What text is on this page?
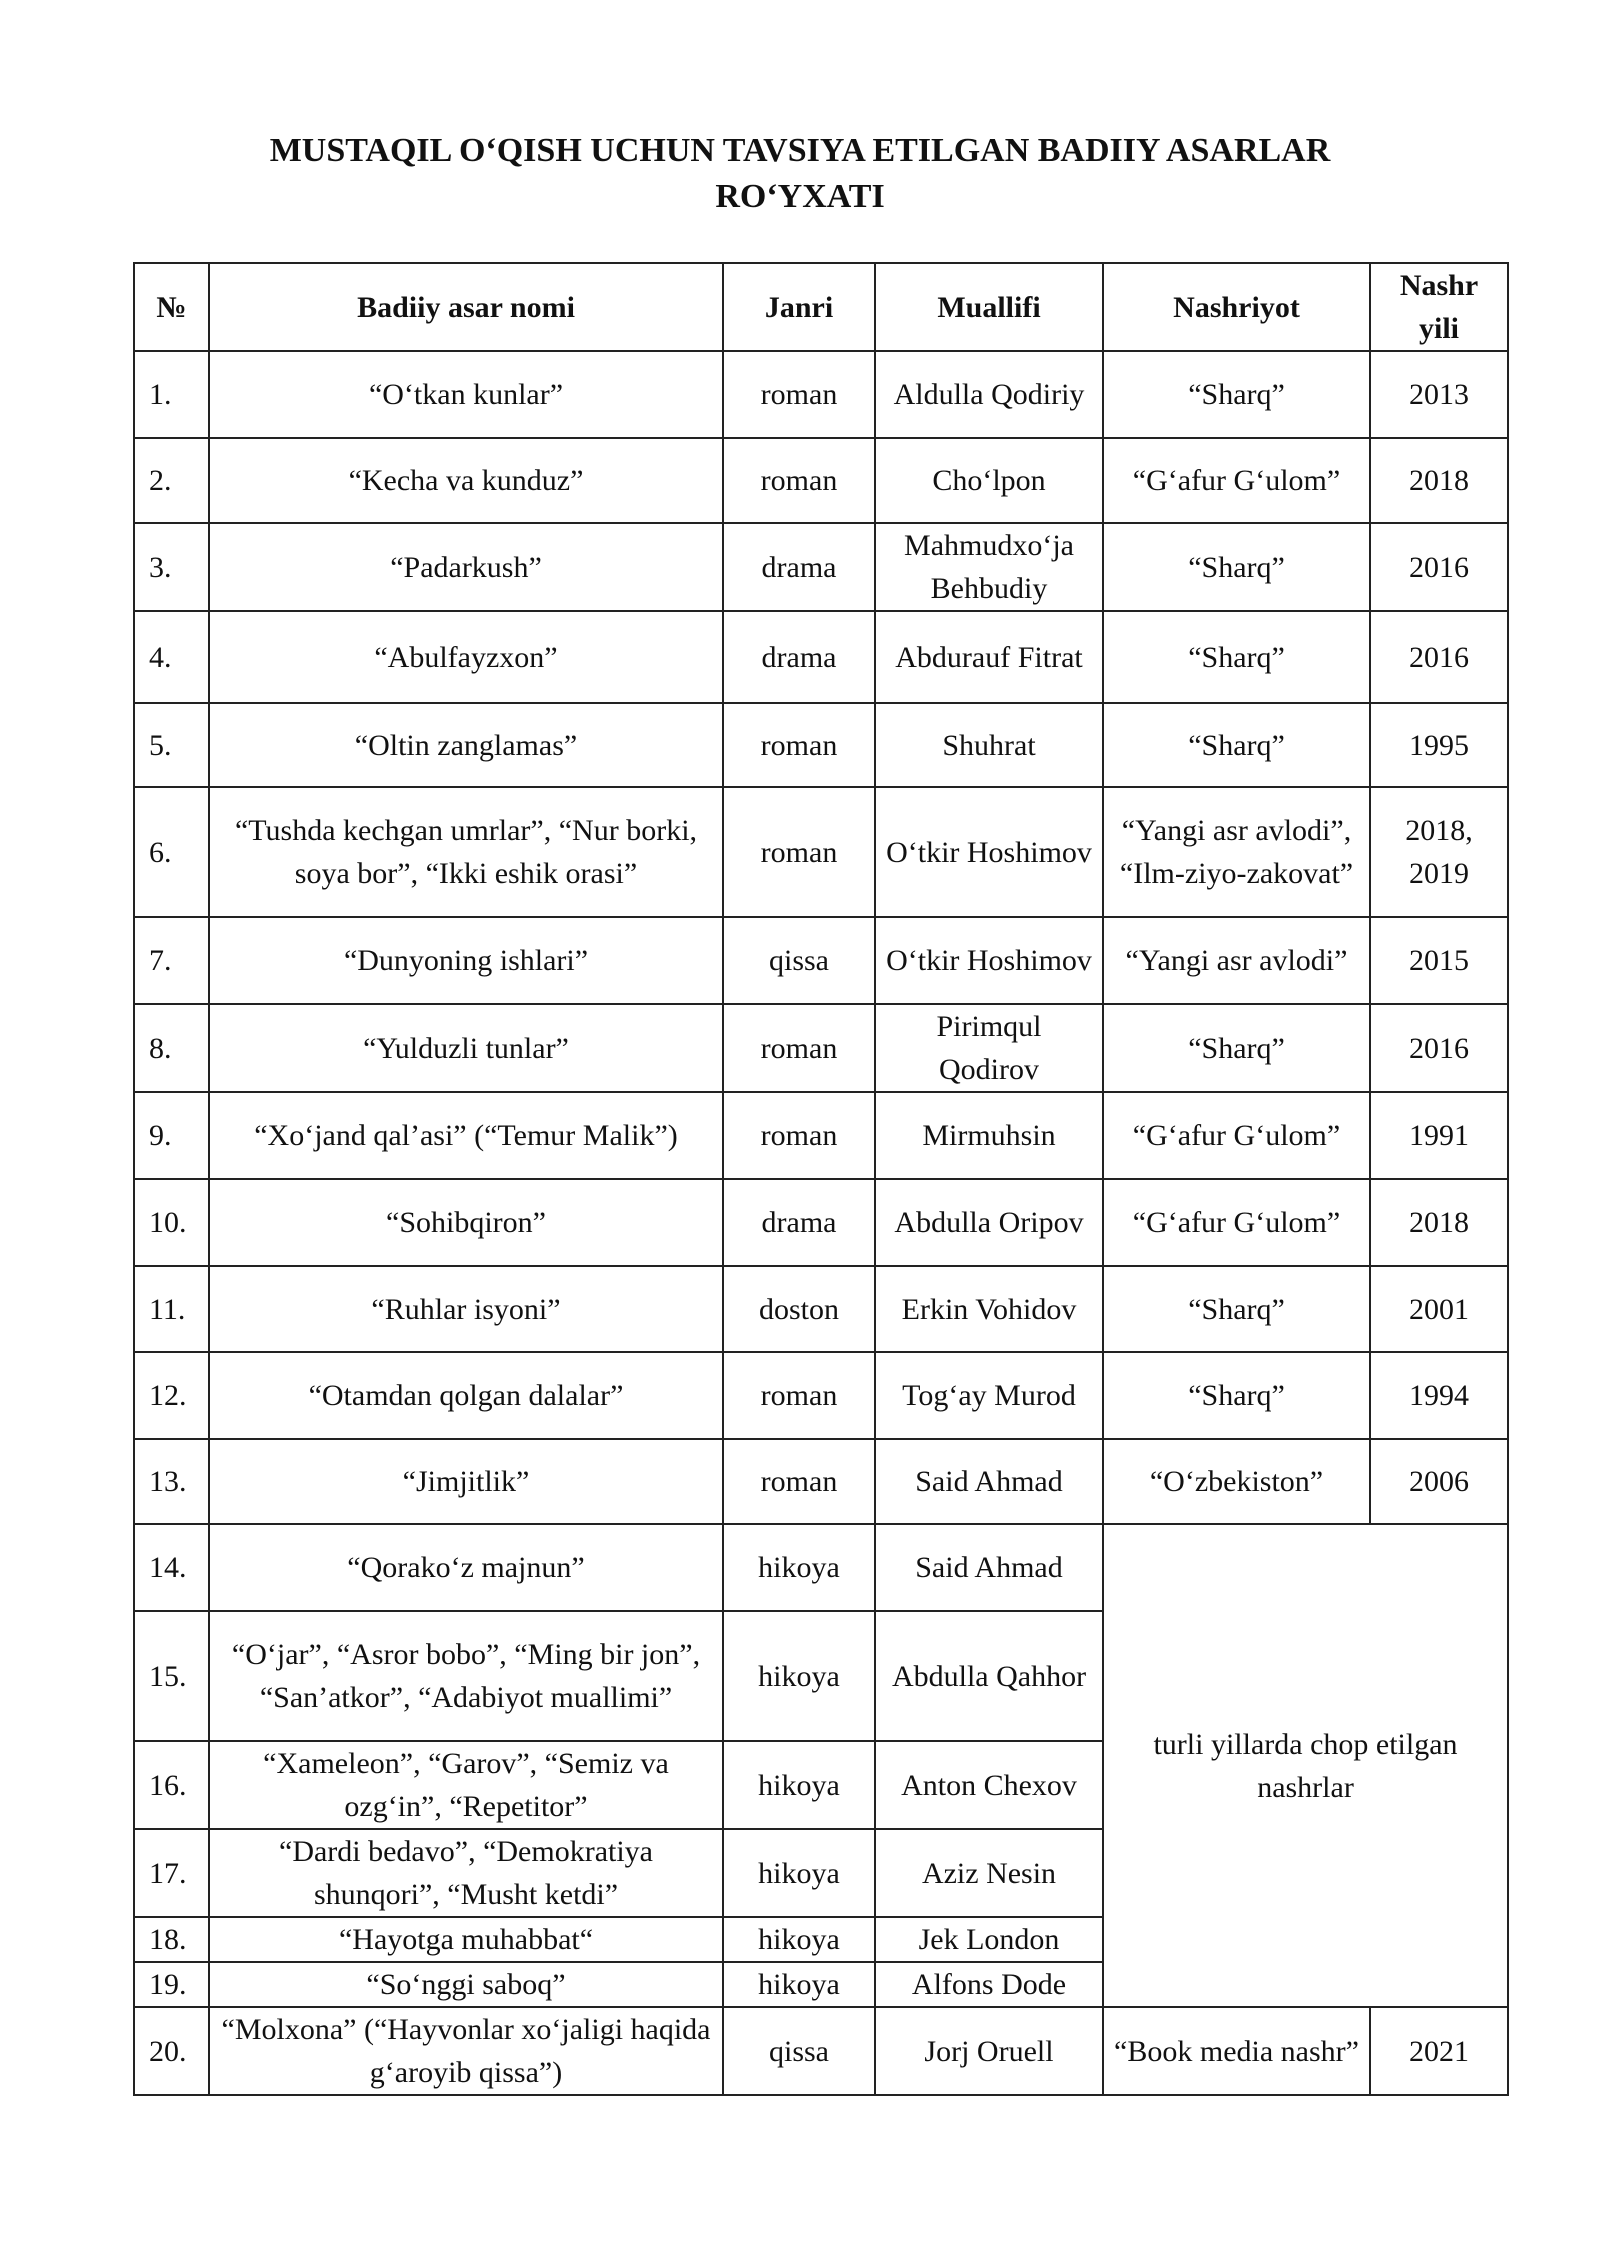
MUSTAQIL O‘QISH UCHUN TAVSIYA ETILGAN BADIIY ASARLAR
RO‘YXATI
№	Badiiy asar nomi	Janri	Muallifi	Nashriyot	Nashr yili
1.	“O‘tkan kunlar”	roman	Aldulla Qodiriy	“Sharq”	2013
2.	“Kecha va kunduz”	roman	Cho‘lpon	“G‘afur G‘ulom”	2018
3.	“Padarkush”	drama	Mahmudxo‘ja Behbudiy	“Sharq”	2016
4.	“Abulfayzxon”	drama	Abdurauf Fitrat	“Sharq”	2016
5.	“Oltin zanglamas”	roman	Shuhrat	“Sharq”	1995
6.	“Tushda kechgan umrlar”, “Nur borki, soya bor”, “Ikki eshik orasi”	roman	O‘tkir Hoshimov	“Yangi asr avlodi”, “Ilm-ziyo-zakovat”	2018, 2019
7.	“Dunyoning ishlari”	qissa	O‘tkir Hoshimov	“Yangi asr avlodi”	2015
8.	“Yulduzli tunlar”	roman	Pirimqul Qodirov	“Sharq”	2016
9.	“Xo‘jand qal’asi” (“Temur Malik”)	roman	Mirmuhsin	“G‘afur G‘ulom”	1991
10.	“Sohibqiron”	drama	Abdulla Oripov	“G‘afur G‘ulom”	2018
11.	“Ruhlar isyoni”	doston	Erkin Vohidov	“Sharq”	2001
12.	“Otamdan qolgan dalalar”	roman	Tog‘ay Murod	“Sharq”	1994
13.	“Jimjitlik”	roman	Said Ahmad	“O‘zbekiston”	2006
14.	“Qorako‘z majnun”	hikoya	Said Ahmad	turli yillarda chop etilgan nashrlar	
15.	“O‘jar”, “Asror bobo”, “Ming bir jon”, “San’atkor”, “Adabiyot muallimi”	hikoya	Abdulla Qahhor		
16.	“Xameleon”, “Garov”, “Semiz va ozg‘in”, “Repetitor”	hikoya	Anton Chexov		
17.	“Dardi bedavo”, “Demokratiya shunqori”, “Musht ketdi”	hikoya	Aziz Nesin		
18.	“Hayotga muhabbat“	hikoya	Jek London		
19.	“So‘nggi saboq”	hikoya	Alfons Dode		
20.	“Molxona” (“Hayvonlar xo‘jaligi haqida g‘aroyib qissa”)	qissa	Jorj Oruell	“Book media nashr”	2021
